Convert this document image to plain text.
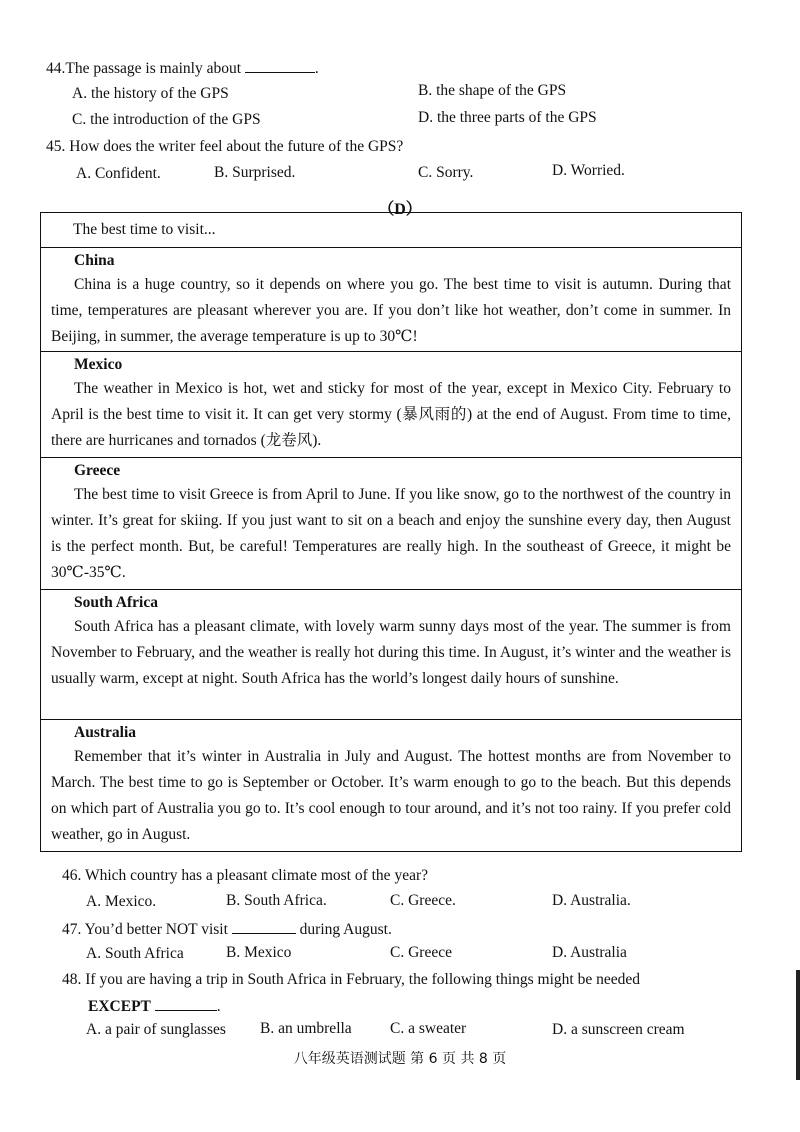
44.The passage is mainly about	.
A. the history of the GPS	B. the shape of the GPS
C. the introduction of the GPS	D. the three parts of the GPS
45. How does the writer feel about the future of the GPS?
A. Confident.	B. Surprised.	C. Sorry.	D. Worried.
（D）
The best time to visit...
China
China is a huge country, so it depends on where you go. The best time to visit is autumn. During that time, temperatures are pleasant wherever you are. If you don’t like hot weather, don’t come in summer. In Beijing, in summer, the average temperature is up to 30℃!
Mexico
The weather in Mexico is hot, wet and sticky for most of the year, except in Mexico City. February to April is the best time to visit it. It can get very stormy (暴风雨的) at the end of August. From time to time, there are hurricanes and tornados (龙卷风).
Greece
The best time to visit Greece is from April to June. If you like snow, go to the northwest of the country in winter. It’s great for skiing. If you just want to sit on a beach and enjoy the sunshine every day, then August is the perfect month. But, be careful! Temperatures are really high. In the southeast of Greece, it might be 30℃-35℃.
South Africa
South Africa has a pleasant climate, with lovely warm sunny days most of the year. The summer is from November to February, and the weather is really hot during this time. In August, it’s winter and the weather is usually warm, except at night. South Africa has the world’s longest daily hours of sunshine.
Australia
Remember that it’s winter in Australia in July and August. The hottest months are from November to March. The best time to go is September or October. It’s warm enough to go to the beach. But this depends on which part of Australia you go to. It’s cool enough to tour around, and it’s not too rainy. If you prefer cold weather, go in August.
46. Which country has a pleasant climate most of the year?
A. Mexico.	B. South Africa.	C. Greece.	D. Australia.
47. You’d better NOT visit	during August.
A. South Africa	B. Mexico	C. Greece	D. Australia
48. If you are having a trip in South Africa in February, the following things might be needed
EXCEPT	.
A. a pair of sunglasses B. an umbrella C. a sweater	D. a sunscreen cream
八年级英语测试题 第 6 页 共 8 页
